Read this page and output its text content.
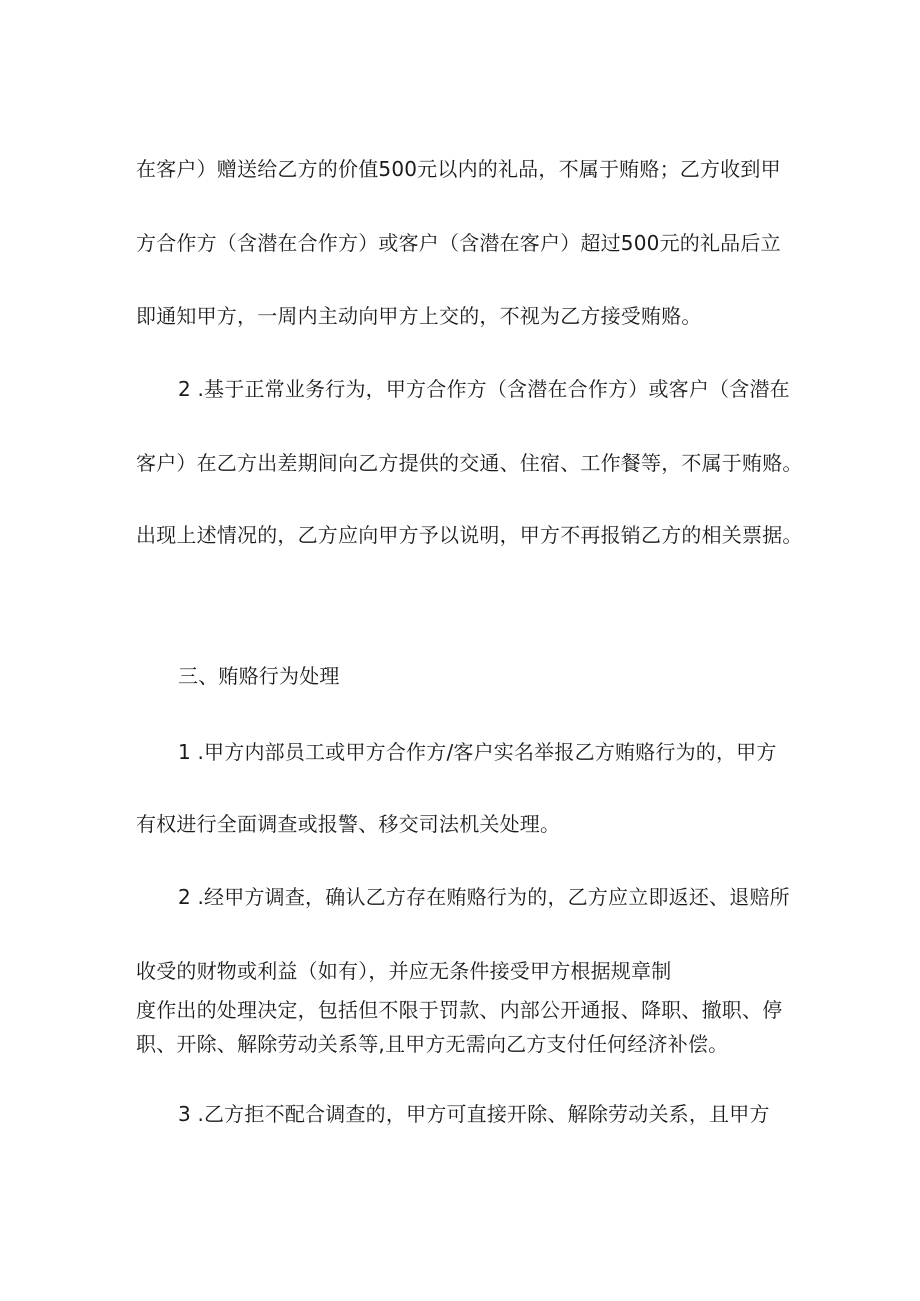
在客户）赠送给乙方的价值500元以内的礼品，不属于贿赂；乙方收到甲
方合作方（含潜在合作方）或客户（含潜在客户）超过500元的礼品后立
即通知甲方，一周内主动向甲方上交的，不视为乙方接受贿赂。
2 .基于正常业务行为，甲方合作方（含潜在合作方）或客户（含潜在
客户）在乙方出差期间向乙方提供的交通、住宿、工作餐等，不属于贿赂。
出现上述情况的，乙方应向甲方予以说明，甲方不再报销乙方的相关票据。
三、贿赂行为处理
1 .甲方内部员工或甲方合作方/客户实名举报乙方贿赂行为的，甲方
有权进行全面调查或报警、移交司法机关处理。
2 .经甲方调查，确认乙方存在贿赂行为的，乙方应立即返还、退赔所
收受的财物或利益（如有），并应无条件接受甲方根据规章制
度作出的处理决定，包括但不限于罚款、内部公开通报、降职、撤职、停
职、开除、解除劳动关系等,且甲方无需向乙方支付任何经济补偿。
3 .乙方拒不配合调查的，甲方可直接开除、解除劳动关系，且甲方
